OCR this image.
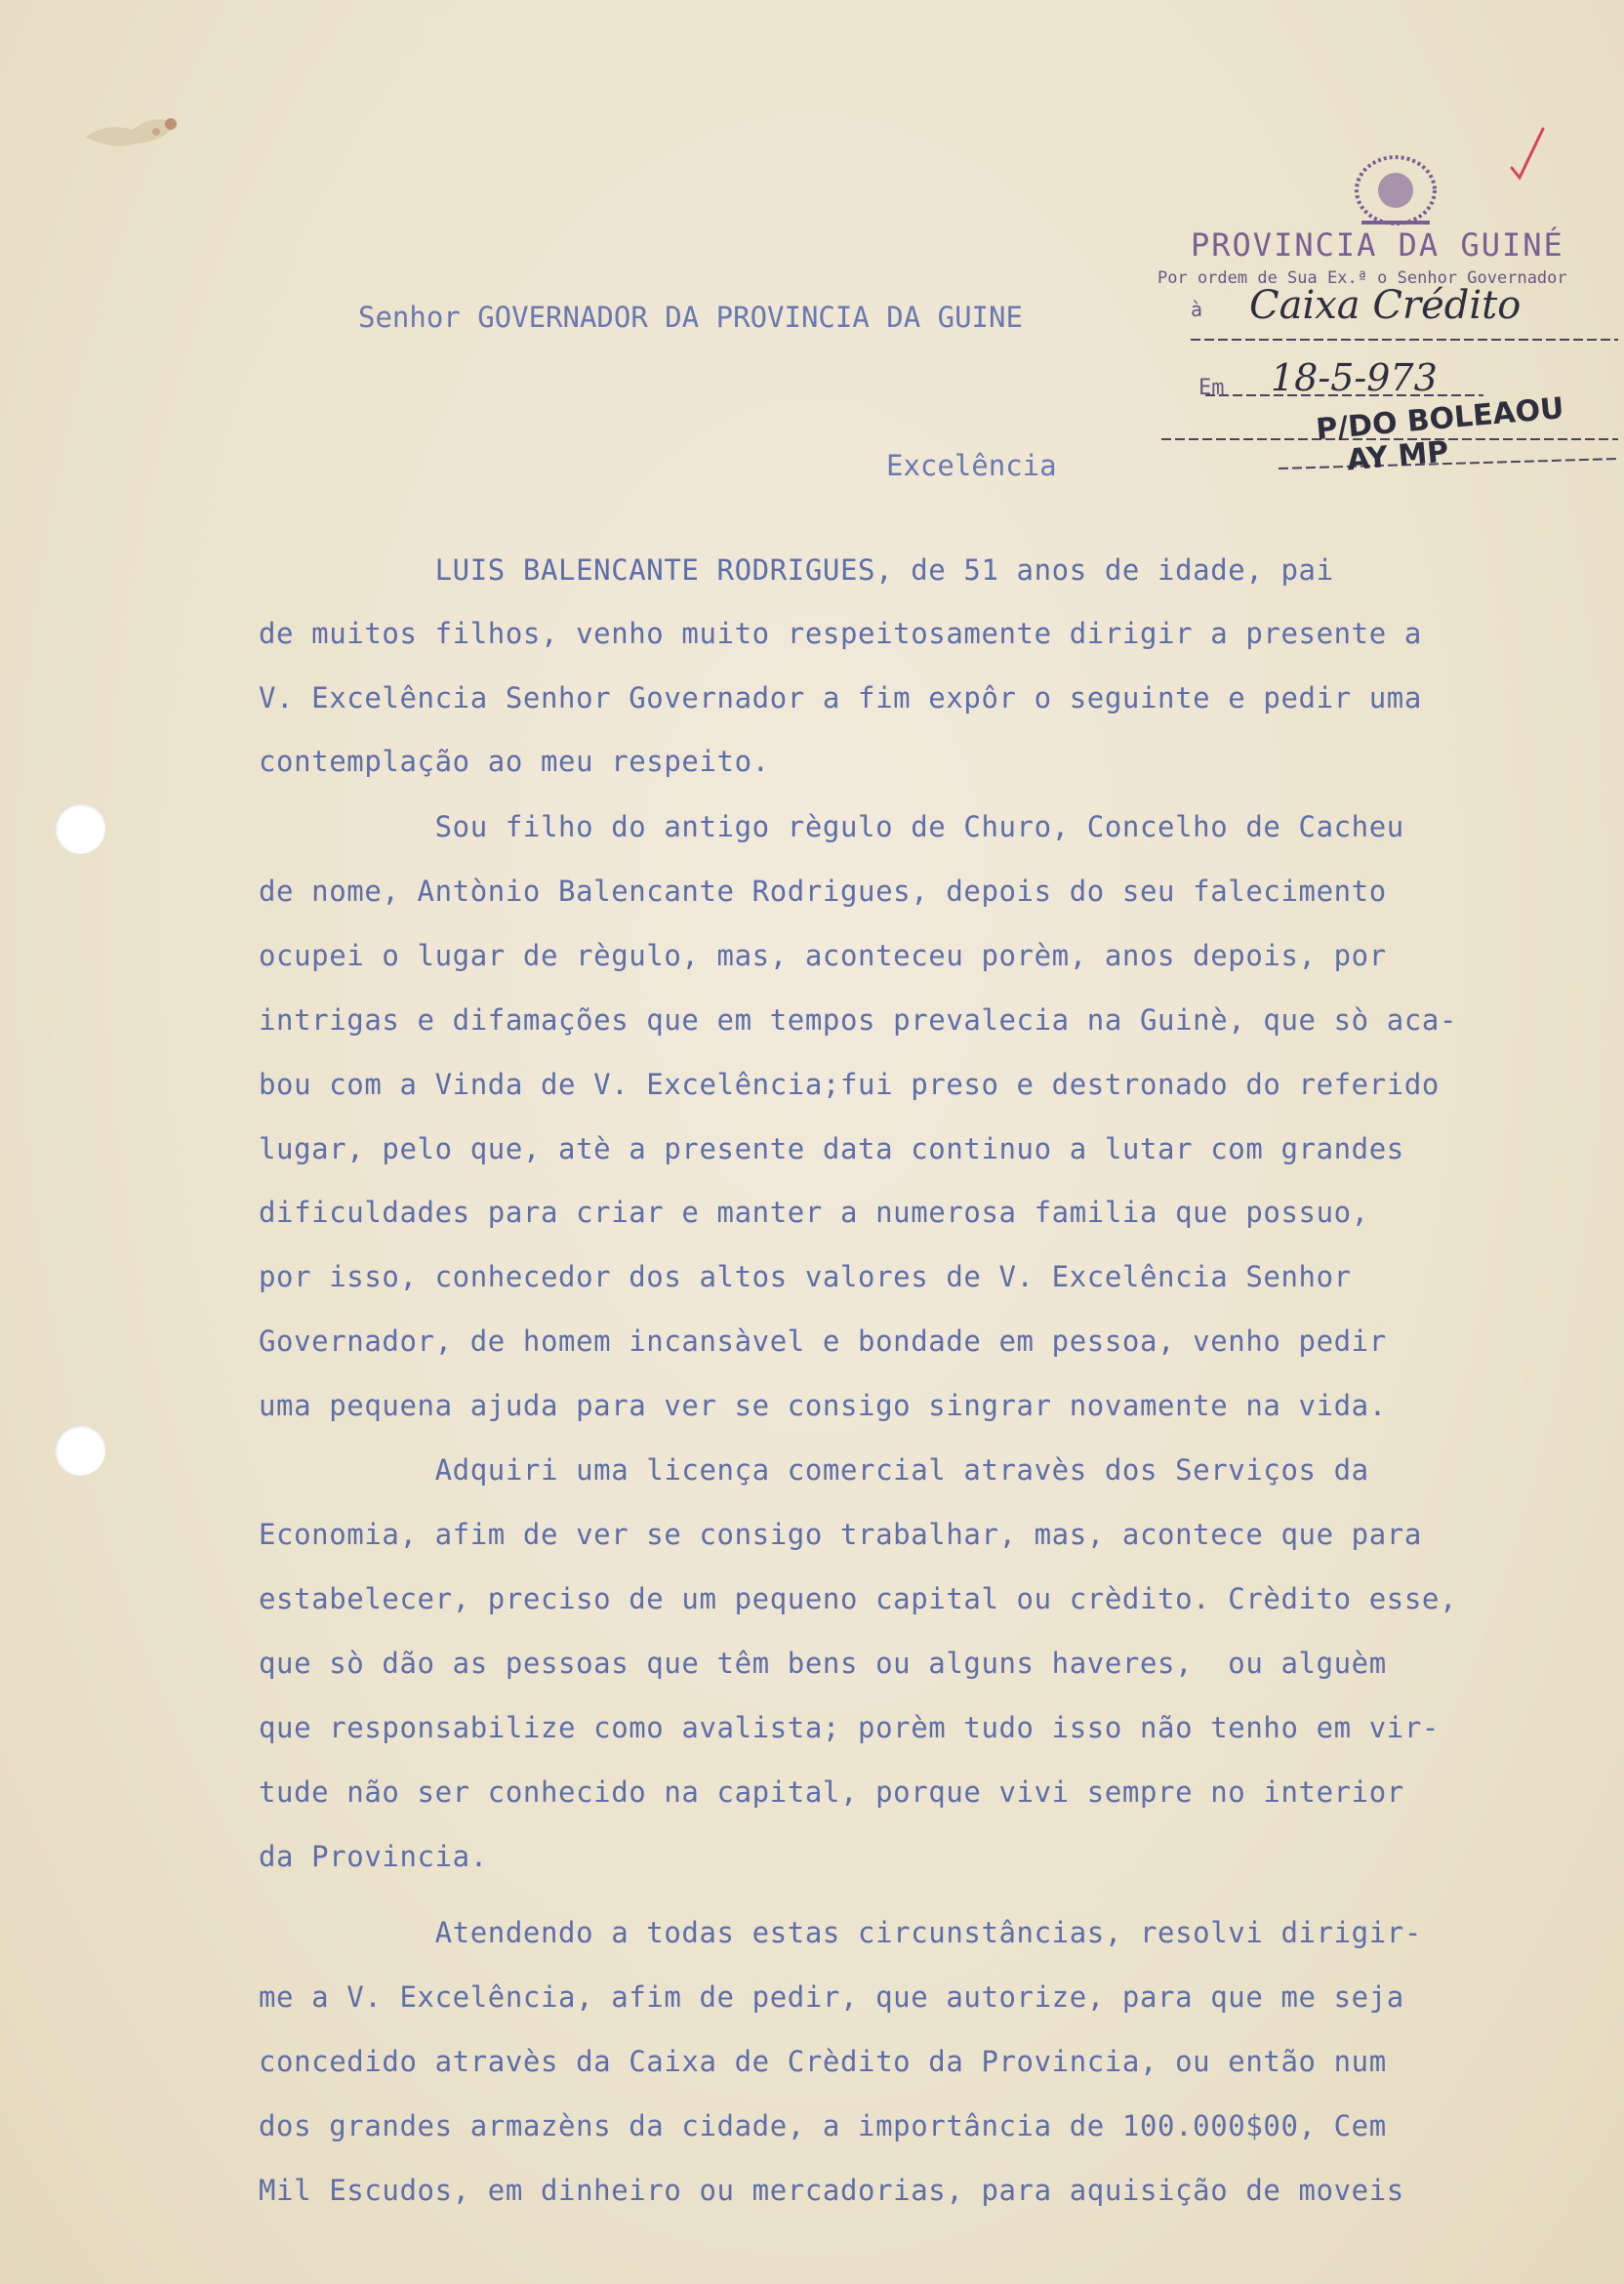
PROVINCIA DA GUINÉ
Por ordem de Sua Ex.ª o Senhor Governador
à Caixa Crédito
Em 18-5-973
P/DO BOLEAOU
AY MP
Senhor GOVERNADOR DA PROVINCIA DA GUINE
Excelência
LUIS BALENCANTE RODRIGUES, de 51 anos de idade, pai
de muitos filhos, venho muito respeitosamente dirigir a presente a
V. Excelência Senhor Governador a fim expôr o seguinte e pedir uma
contemplação ao meu respeito.
Sou filho do antigo règulo de Churo, Concelho de Cacheu
de nome, Antònio Balencante Rodrigues, depois do seu falecimento
ocupei o lugar de règulo, mas, aconteceu porèm, anos depois, por
intrigas e difamações que em tempos prevalecia na Guinè, que sò aca-
bou com a Vinda de V. Excelência;fui preso e destronado do referido
lugar, pelo que, atè a presente data continuo a lutar com grandes
dificuldades para criar e manter a numerosa familia que possuo,
por isso, conhecedor dos altos valores de V. Excelência Senhor
Governador, de homem incansàvel e bondade em pessoa, venho pedir
uma pequena ajuda para ver se consigo singrar novamente na vida.
Adquiri uma licença comercial atravès dos Serviços da
Economia, afim de ver se consigo trabalhar, mas, acontece que para
estabelecer, preciso de um pequeno capital ou crèdito. Crèdito esse,
que sò dão as pessoas que têm bens ou alguns haveres,  ou alguèm
que responsabilize como avalista; porèm tudo isso não tenho em vir-
tude não ser conhecido na capital, porque vivi sempre no interior
da Provincia.
Atendendo a todas estas circunstâncias, resolvi dirigir-
me a V. Excelência, afim de pedir, que autorize, para que me seja
concedido atravès da Caixa de Crèdito da Provincia, ou então num
dos grandes armazèns da cidade, a importância de 100.000$00, Cem
Mil Escudos, em dinheiro ou mercadorias, para aquisição de moveis
